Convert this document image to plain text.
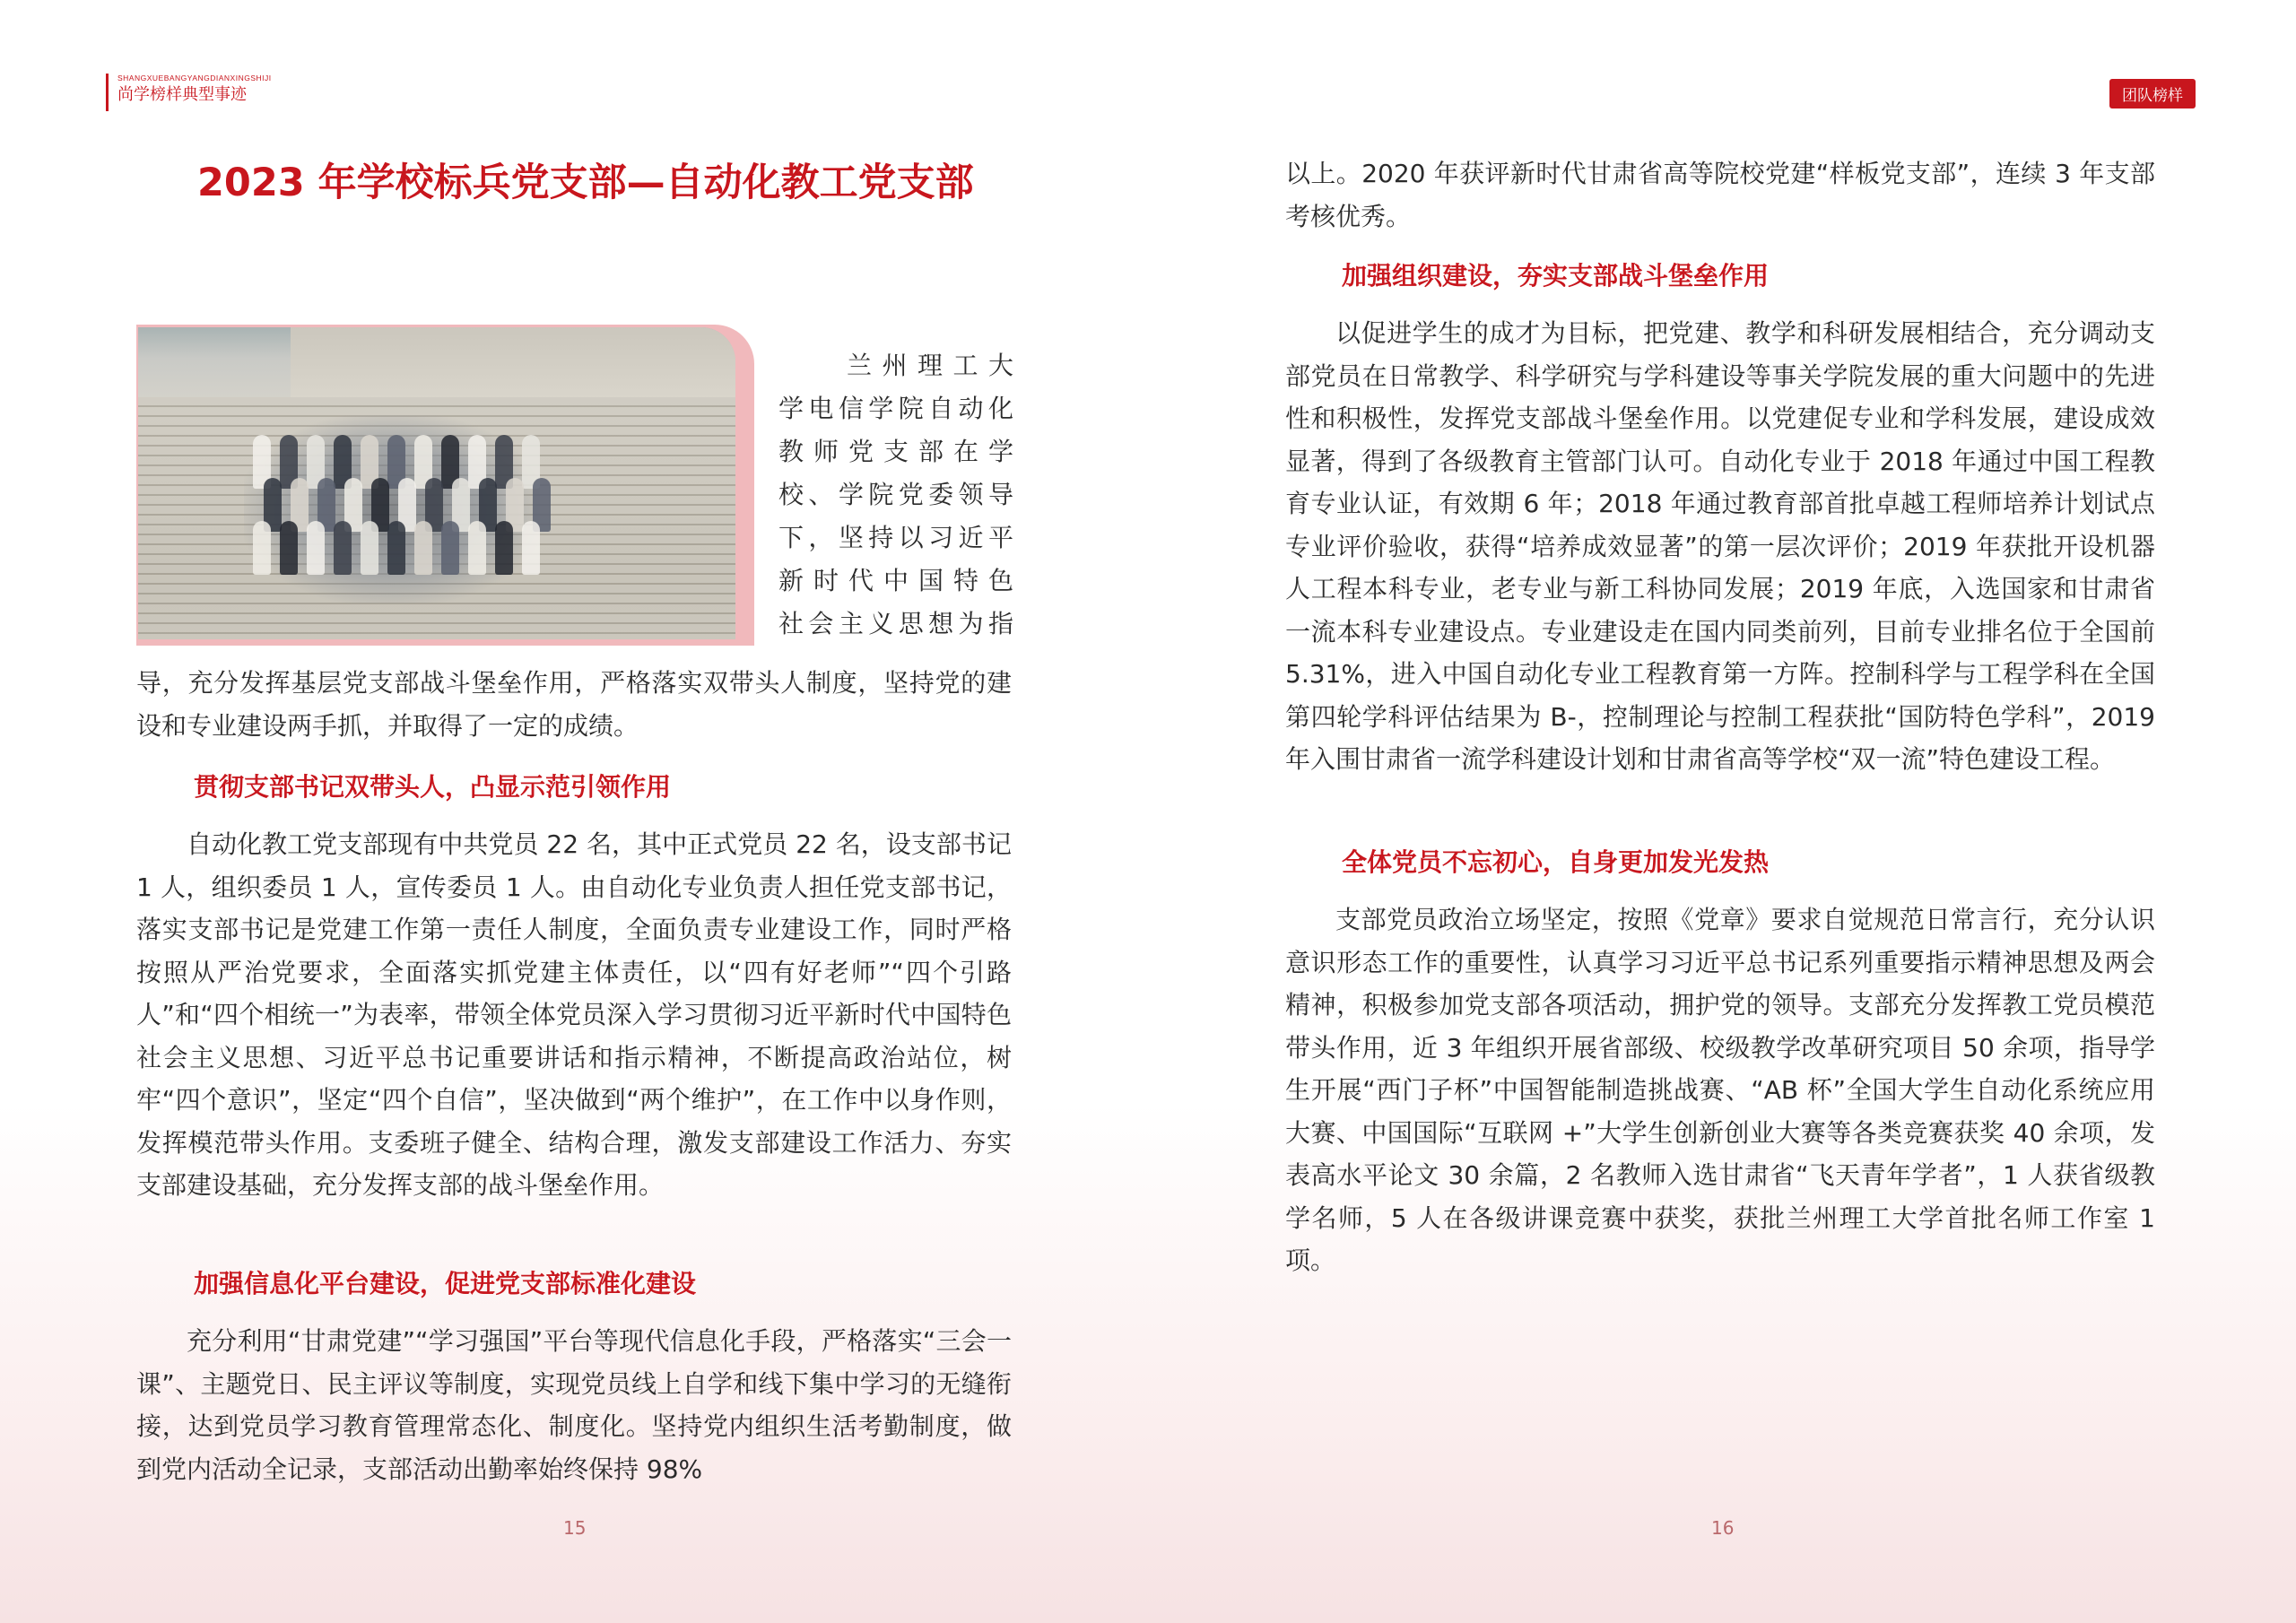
SHANGXUEBANGYANGDIANXINGSHIJI
尚学榜样典型事迹
2023 年学校标兵党支部—自动化教工党支部

兰州理工大

学电信学院自动化

教师党支部在学

校、学院党委领导

下，坚持以习近平

新时代中国特色

社会主义思想为指

导，充分发挥基层党支部战斗堡垒作用，严格落实双带头人制度，坚持党的建设和专业建设两手抓，并取得了一定的成绩。

贯彻支部书记双带头人，凸显示范引领作用

自动化教工党支部现有中共党员 22 名，其中正式党员 22 名，设支部书记 1 人，组织委员 1 人，宣传委员 1 人。由自动化专业负责人担任党支部书记，落实支部书记是党建工作第一责任人制度，全面负责专业建设工作，同时严格按照从严治党要求，全面落实抓党建主体责任，以“四有好老师”“四个引路人”和“四个相统一”为表率，带领全体党员深入学习贯彻习近平新时代中国特色社会主义思想、习近平总书记重要讲话和指示精神，不断提高政治站位，树牢“四个意识”，坚定“四个自信”，坚决做到“两个维护”，在工作中以身作则，发挥模范带头作用。支委班子健全、结构合理，激发支部建设工作活力、夯实支部建设基础，充分发挥支部的战斗堡垒作用。

加强信息化平台建设，促进党支部标准化建设

充分利用“甘肃党建”“学习强国”平台等现代信息化手段，严格落实“三会一课”、主题党日、民主评议等制度，实现党员线上自学和线下集中学习的无缝衔接，达到党员学习教育管理常态化、制度化。坚持党内组织生活考勤制度，做到党内活动全记录，支部活动出勤率始终保持 98%

15
团队榜样

以上。2020 年获评新时代甘肃省高等院校党建“样板党支部”，连续 3 年支部考核优秀。

加强组织建设，夯实支部战斗堡垒作用

以促进学生的成才为目标，把党建、教学和科研发展相结合，充分调动支部党员在日常教学、科学研究与学科建设等事关学院发展的重大问题中的先进性和积极性，发挥党支部战斗堡垒作用。以党建促专业和学科发展，建设成效显著，得到了各级教育主管部门认可。自动化专业于 2018 年通过中国工程教育专业认证，有效期 6 年；2018 年通过教育部首批卓越工程师培养计划试点专业评价验收，获得“培养成效显著”的第一层次评价；2019 年获批开设机器人工程本科专业，老专业与新工科协同发展；2019 年底，入选国家和甘肃省一流本科专业建设点。专业建设走在国内同类前列，目前专业排名位于全国前 5.31%，进入中国自动化专业工程教育第一方阵。控制科学与工程学科在全国第四轮学科评估结果为 B-，控制理论与控制工程获批“国防特色学科”，2019 年入围甘肃省一流学科建设计划和甘肃省高等学校“双一流”特色建设工程。

全体党员不忘初心，自身更加发光发热

支部党员政治立场坚定，按照《党章》要求自觉规范日常言行，充分认识意识形态工作的重要性，认真学习习近平总书记系列重要指示精神思想及两会精神，积极参加党支部各项活动，拥护党的领导。支部充分发挥教工党员模范带头作用，近 3 年组织开展省部级、校级教学改革研究项目 50 余项，指导学生开展“西门子杯”中国智能制造挑战赛、“AB 杯”全国大学生自动化系统应用大赛、中国国际“互联网 +”大学生创新创业大赛等各类竞赛获奖 40 余项，发表高水平论文 30 余篇，2 名教师入选甘肃省“飞天青年学者”，1 人获省级教学名师，5 人在各级讲课竞赛中获奖，获批兰州理工大学首批名师工作室 1 项。

16
